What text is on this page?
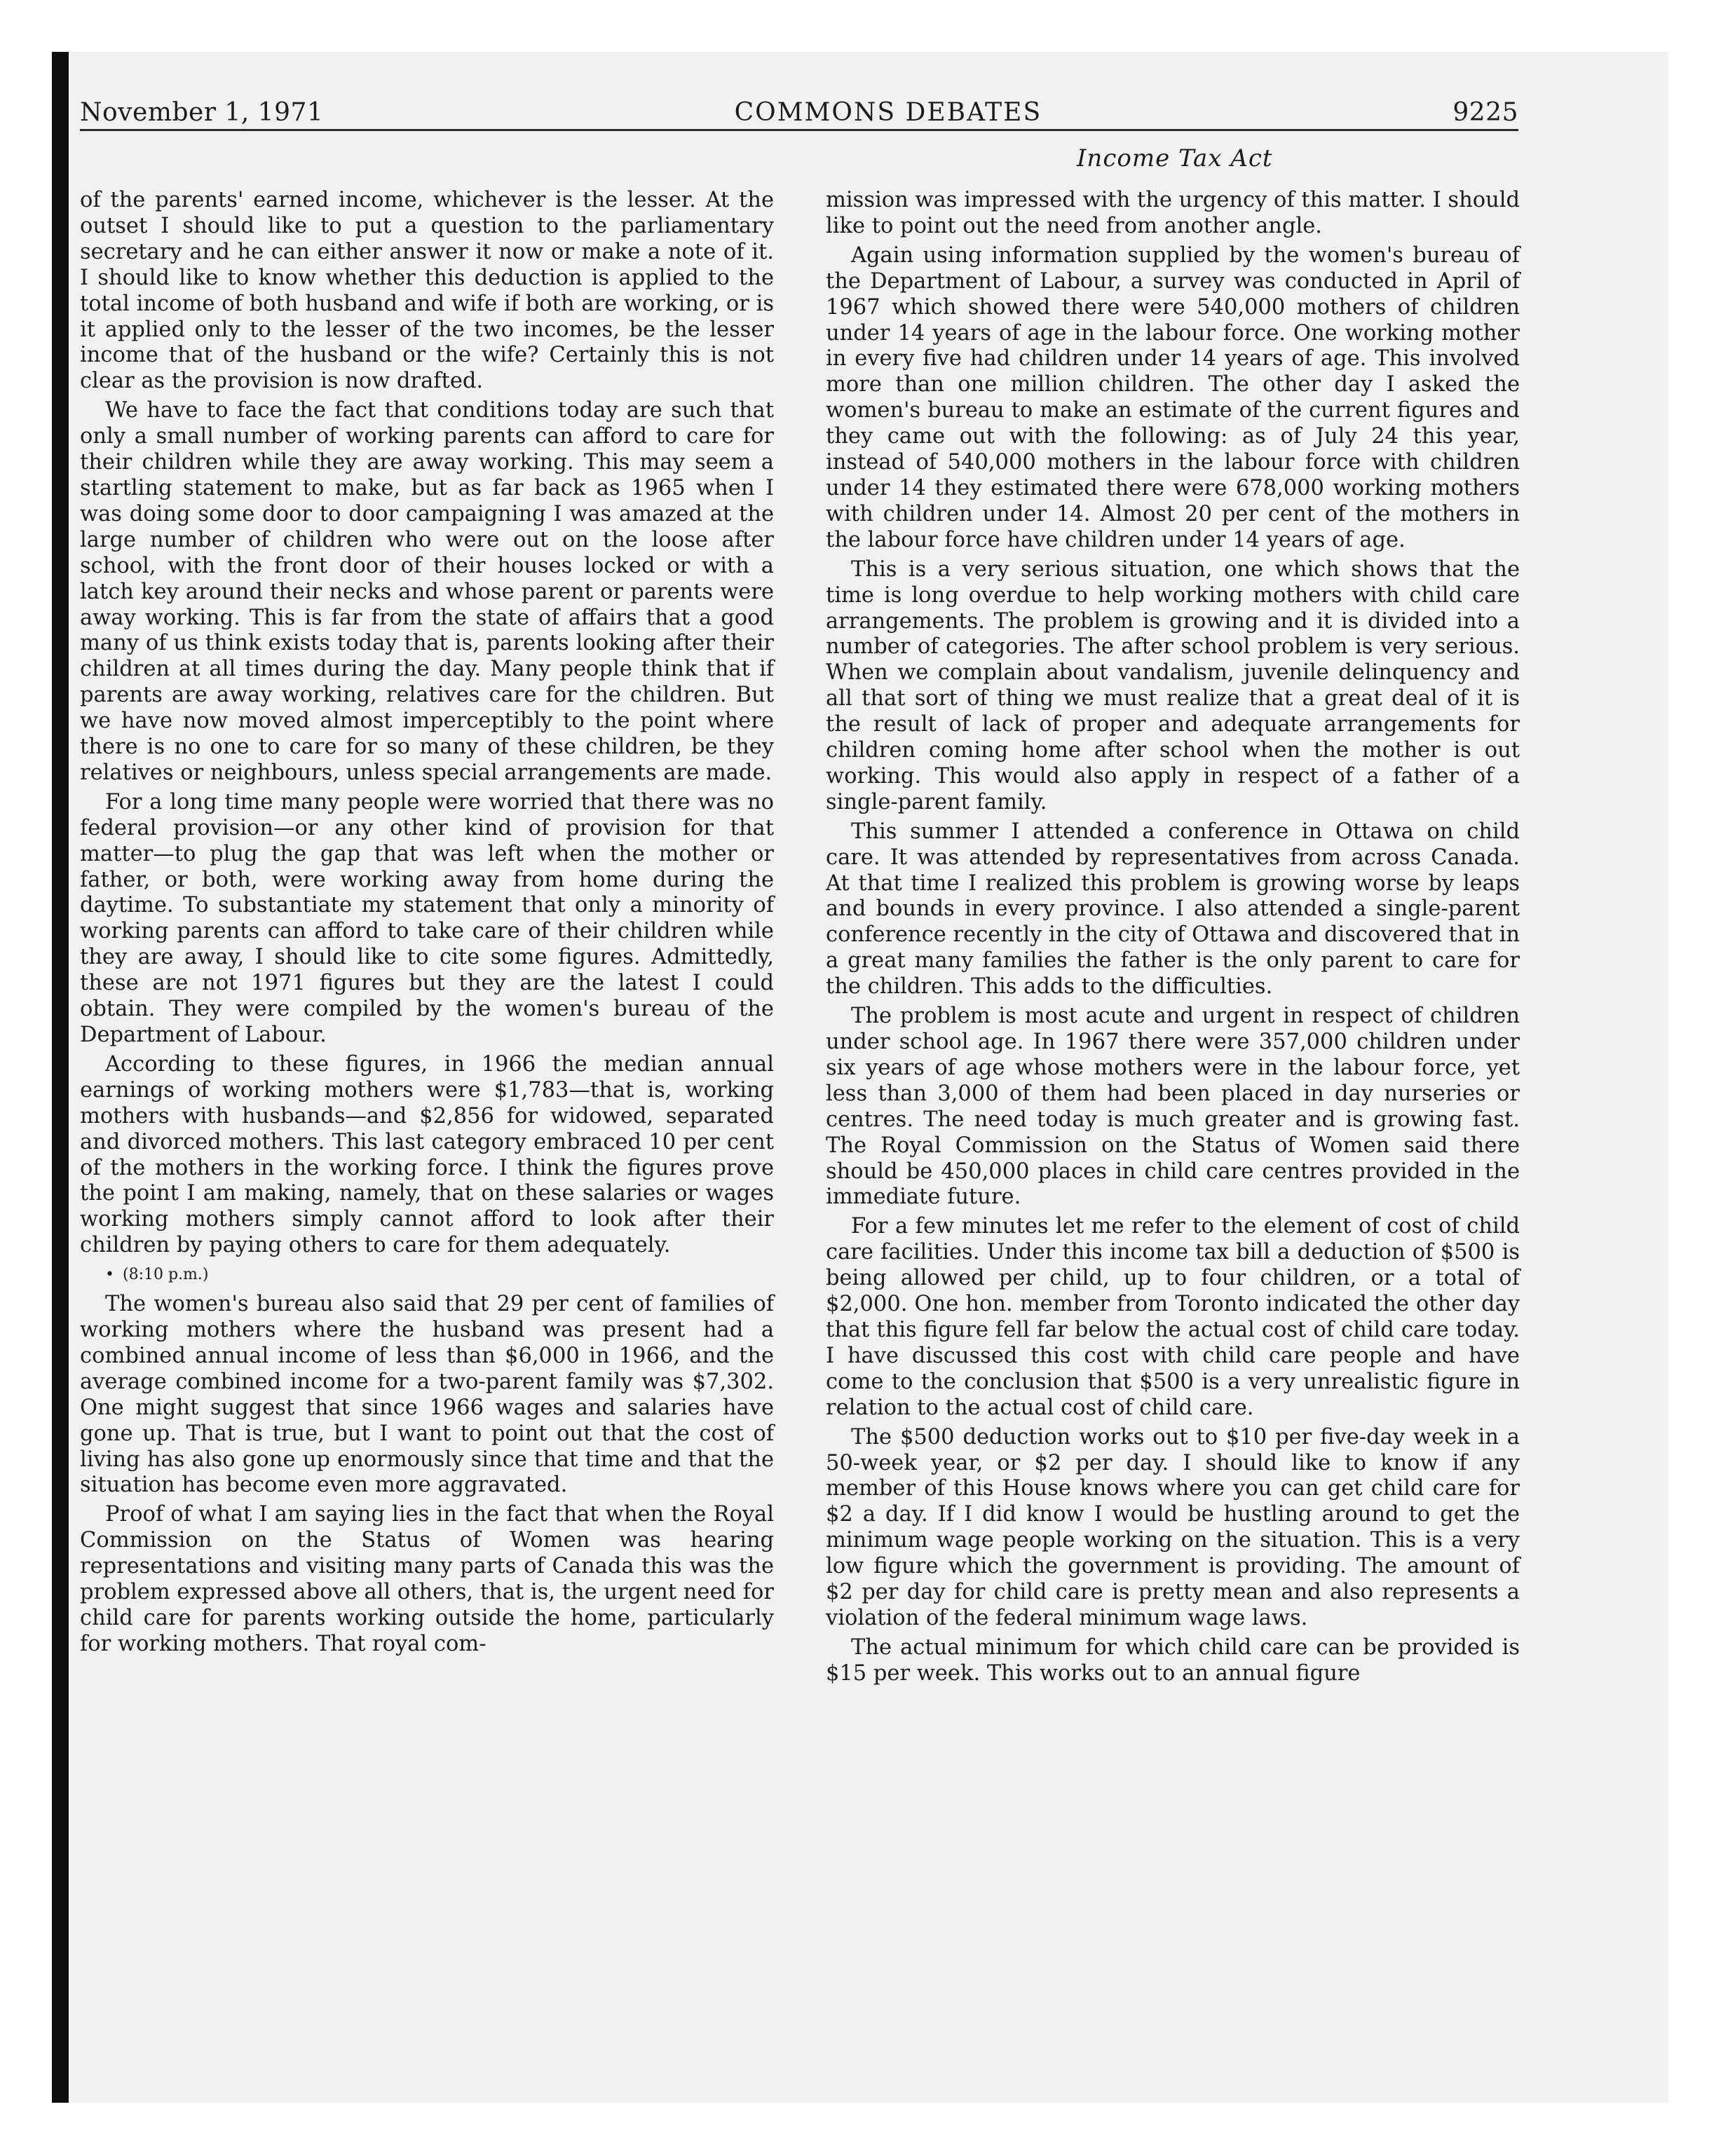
November 1, 1971	COMMONS DEBATES	9225
Income Tax Act

of the parents' earned income, whichever is the lesser. At the outset I should like to put a question to the parliamentary secretary and he can either answer it now or make a note of it. I should like to know whether this deduction is applied to the total income of both husband and wife if both are working, or is it applied only to the lesser of the two incomes, be the lesser income that of the husband or the wife? Certainly this is not clear as the provision is now drafted.

We have to face the fact that conditions today are such that only a small number of working parents can afford to care for their children while they are away working. This may seem a startling statement to make, but as far back as 1965 when I was doing some door to door campaigning I was amazed at the large number of children who were out on the loose after school, with the front door of their houses locked or with a latch key around their necks and whose parent or parents were away working. This is far from the state of affairs that a good many of us think exists today that is, parents looking after their children at all times during the day. Many people think that if parents are away working, relatives care for the children. But we have now moved almost imperceptibly to the point where there is no one to care for so many of these children, be they relatives or neighbours, unless special arrangements are made.

For a long time many people were worried that there was no federal provision—or any other kind of provision for that matter—to plug the gap that was left when the mother or father, or both, were working away from home during the daytime. To substantiate my statement that only a minority of working parents can afford to take care of their children while they are away, I should like to cite some figures. Admittedly, these are not 1971 figures but they are the latest I could obtain. They were compiled by the women's bureau of the Department of Labour.

According to these figures, in 1966 the median annual earnings of working mothers were $1,783—that is, working mothers with husbands—and $2,856 for widowed, separated and divorced mothers. This last category embraced 10 per cent of the mothers in the working force. I think the figures prove the point I am making, namely, that on these salaries or wages working mothers simply cannot afford to look after their children by paying others to care for them adequately.

• (8:10 p.m.)

The women's bureau also said that 29 per cent of families of working mothers where the husband was present had a combined annual income of less than $6,000 in 1966, and the average combined income for a two-parent family was $7,302. One might suggest that since 1966 wages and salaries have gone up. That is true, but I want to point out that the cost of living has also gone up enormously since that time and that the situation has become even more aggravated.

Proof of what I am saying lies in the fact that when the Royal Commission on the Status of Women was hearing representations and visiting many parts of Canada this was the problem expressed above all others, that is, the urgent need for child care for parents working outside the home, particularly for working mothers. That royal com-

mission was impressed with the urgency of this matter. I should like to point out the need from another angle.

Again using information supplied by the women's bureau of the Department of Labour, a survey was conducted in April of 1967 which showed there were 540,000 mothers of children under 14 years of age in the labour force. One working mother in every five had children under 14 years of age. This involved more than one million children. The other day I asked the women's bureau to make an estimate of the current figures and they came out with the following: as of July 24 this year, instead of 540,000 mothers in the labour force with children under 14 they estimated there were 678,000 working mothers with children under 14. Almost 20 per cent of the mothers in the labour force have children under 14 years of age.

This is a very serious situation, one which shows that the time is long overdue to help working mothers with child care arrangements. The problem is growing and it is divided into a number of categories. The after school problem is very serious. When we complain about vandalism, juvenile delinquency and all that sort of thing we must realize that a great deal of it is the result of lack of proper and adequate arrangements for children coming home after school when the mother is out working. This would also apply in respect of a father of a single-parent family.

This summer I attended a conference in Ottawa on child care. It was attended by representatives from across Canada. At that time I realized this problem is growing worse by leaps and bounds in every province. I also attended a single-parent conference recently in the city of Ottawa and discovered that in a great many families the father is the only parent to care for the children. This adds to the difficulties.

The problem is most acute and urgent in respect of children under school age. In 1967 there were 357,000 children under six years of age whose mothers were in the labour force, yet less than 3,000 of them had been placed in day nurseries or centres. The need today is much greater and is growing fast. The Royal Commission on the Status of Women said there should be 450,000 places in child care centres provided in the immediate future.

For a few minutes let me refer to the element of cost of child care facilities. Under this income tax bill a deduction of $500 is being allowed per child, up to four children, or a total of $2,000. One hon. member from Toronto indicated the other day that this figure fell far below the actual cost of child care today. I have discussed this cost with child care people and have come to the conclusion that $500 is a very unrealistic figure in relation to the actual cost of child care.

The $500 deduction works out to $10 per five-day week in a 50-week year, or $2 per day. I should like to know if any member of this House knows where you can get child care for $2 a day. If I did know I would be hustling around to get the minimum wage people working on the situation. This is a very low figure which the government is providing. The amount of $2 per day for child care is pretty mean and also represents a violation of the federal minimum wage laws.

The actual minimum for which child care can be provided is $15 per week. This works out to an annual figure
